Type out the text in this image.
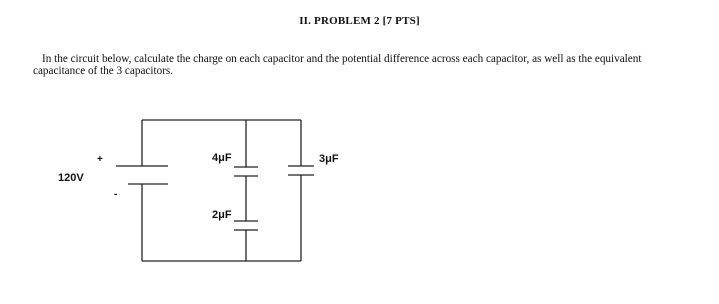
II. PROBLEM 2 [7 PTS]

In the circuit below, calculate the charge on each capacitor and the potential difference across each capacitor, as well as the equivalent capacitance of the 3 capacitors.

+
-
120V
4μF
2μF
3μF
